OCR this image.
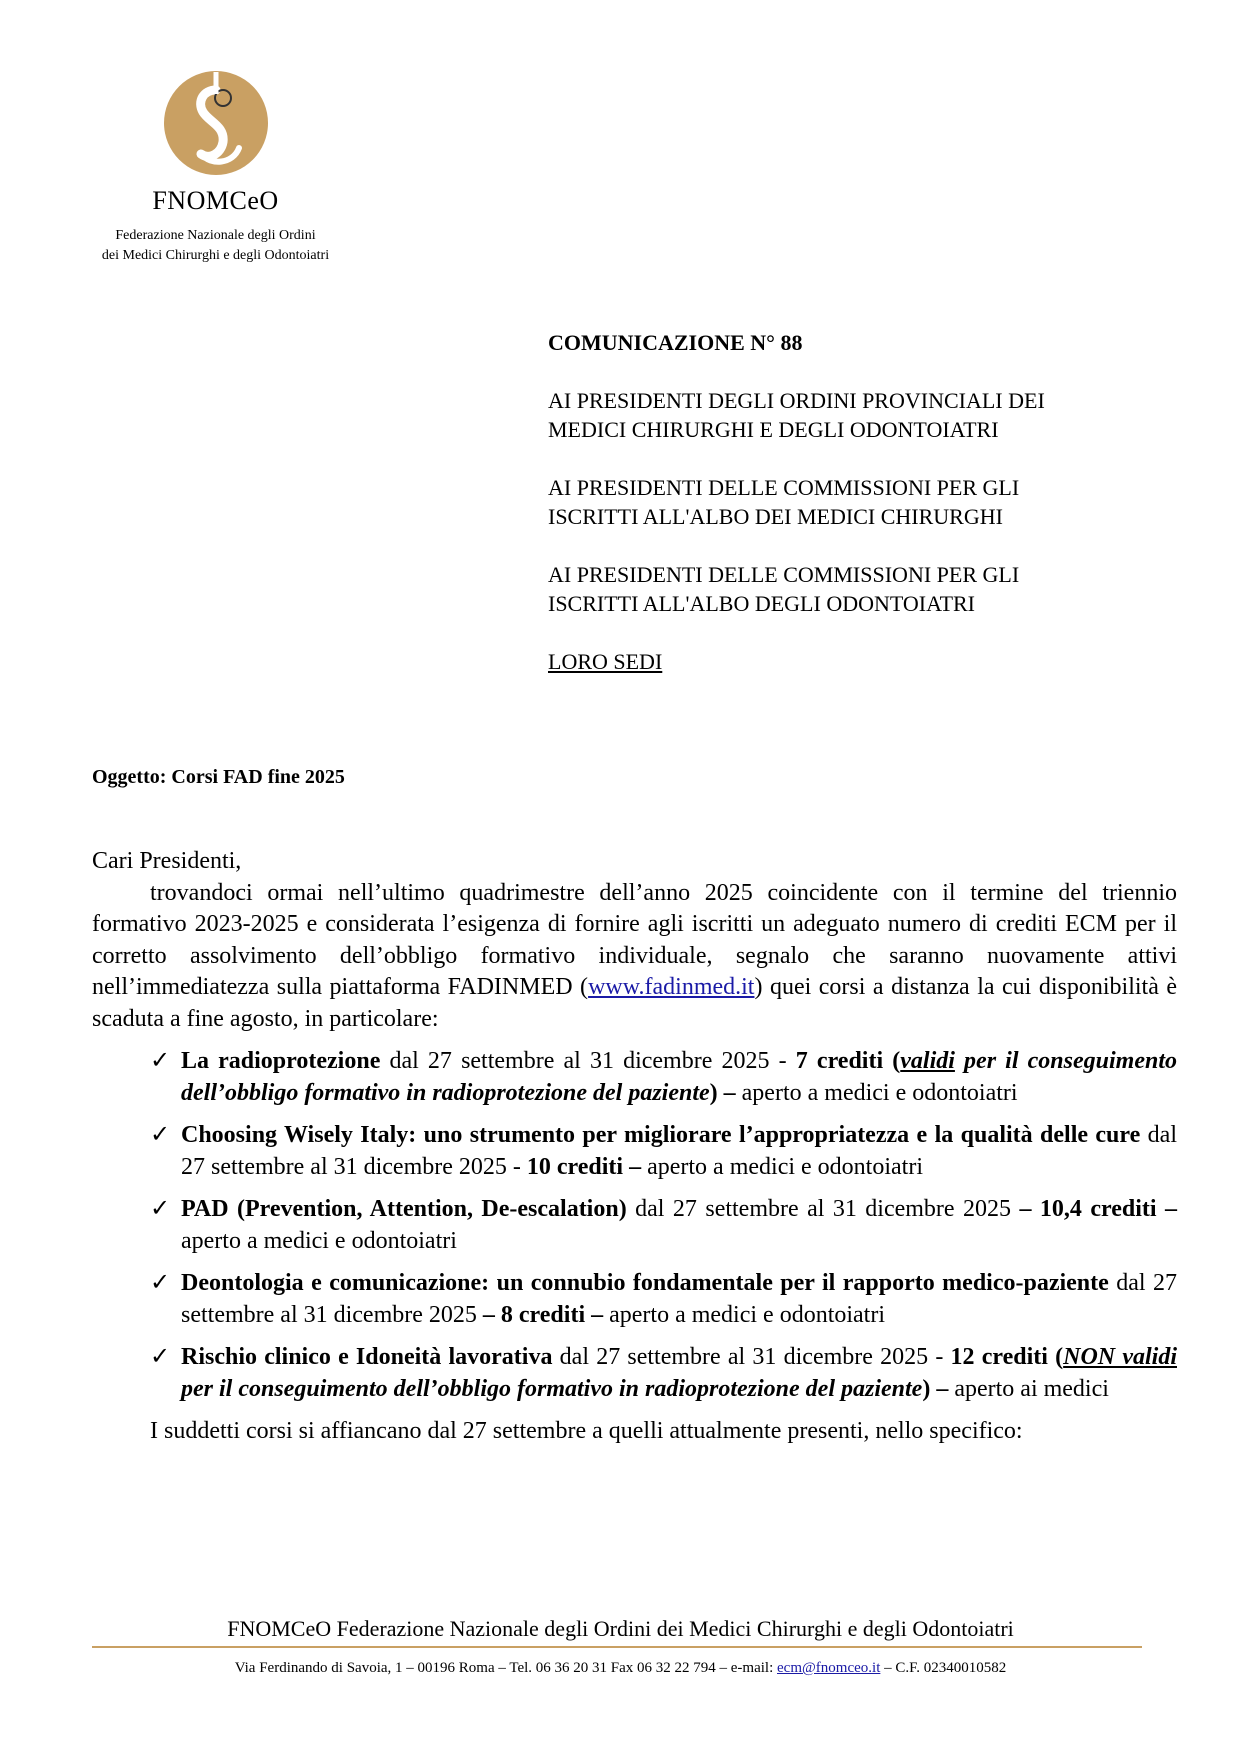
FNOMCeO
Federazione Nazionale degli Ordini
dei Medici Chirurghi e degli Odontoiatri
COMUNICAZIONE N° 88
AI PRESIDENTI DEGLI ORDINI PROVINCIALI DEI
MEDICI CHIRURGHI E DEGLI ODONTOIATRI
AI PRESIDENTI DELLE COMMISSIONI PER GLI
ISCRITTI ALL'ALBO DEI MEDICI CHIRURGHI
AI PRESIDENTI DELLE COMMISSIONI PER GLI
ISCRITTI ALL'ALBO DEGLI ODONTOIATRI
LORO SEDI
Oggetto: Corsi FAD fine 2025

Cari Presidenti,

trovandoci ormai nell’ultimo quadrimestre dell’anno 2025 coincidente con il termine del triennio formativo 2023-2025 e considerata l’esigenza di fornire agli iscritti un adeguato numero di crediti ECM per il corretto assolvimento dell’obbligo formativo individuale, segnalo che saranno nuovamente attivi nell’immediatezza sulla piattaforma FADINMED (www.fadinmed.it) quei corsi a distanza la cui disponibilità è scaduta a fine agosto, in particolare:

✓ La radioprotezione dal 27 settembre al 31 dicembre 2025 - 7 crediti (validi per il conseguimento dell’obbligo formativo in radioprotezione del paziente) – aperto a medici e odontoiatri
✓ Choosing Wisely Italy: uno strumento per migliorare l’appropriatezza e la qualità delle cure dal 27 settembre al 31 dicembre 2025 - 10 crediti – aperto a medici e odontoiatri
✓ PAD (Prevention, Attention, De-escalation) dal 27 settembre al 31 dicembre 2025 – 10,4 crediti – aperto a medici e odontoiatri
✓ Deontologia e comunicazione: un connubio fondamentale per il rapporto medico-paziente dal 27 settembre al 31 dicembre 2025 – 8 crediti – aperto a medici e odontoiatri
✓ Rischio clinico e Idoneità lavorativa dal 27 settembre al 31 dicembre 2025 - 12 crediti (NON validi per il conseguimento dell’obbligo formativo in radioprotezione del paziente) – aperto ai medici

I suddetti corsi si affiancano dal 27 settembre a quelli attualmente presenti, nello specifico:

FNOMCeO Federazione Nazionale degli Ordini dei Medici Chirurghi e degli Odontoiatri
Via Ferdinando di Savoia, 1 – 00196 Roma – Tel. 06 36 20 31 Fax 06 32 22 794 – e-mail: ecm@fnomceo.it – C.F. 02340010582
